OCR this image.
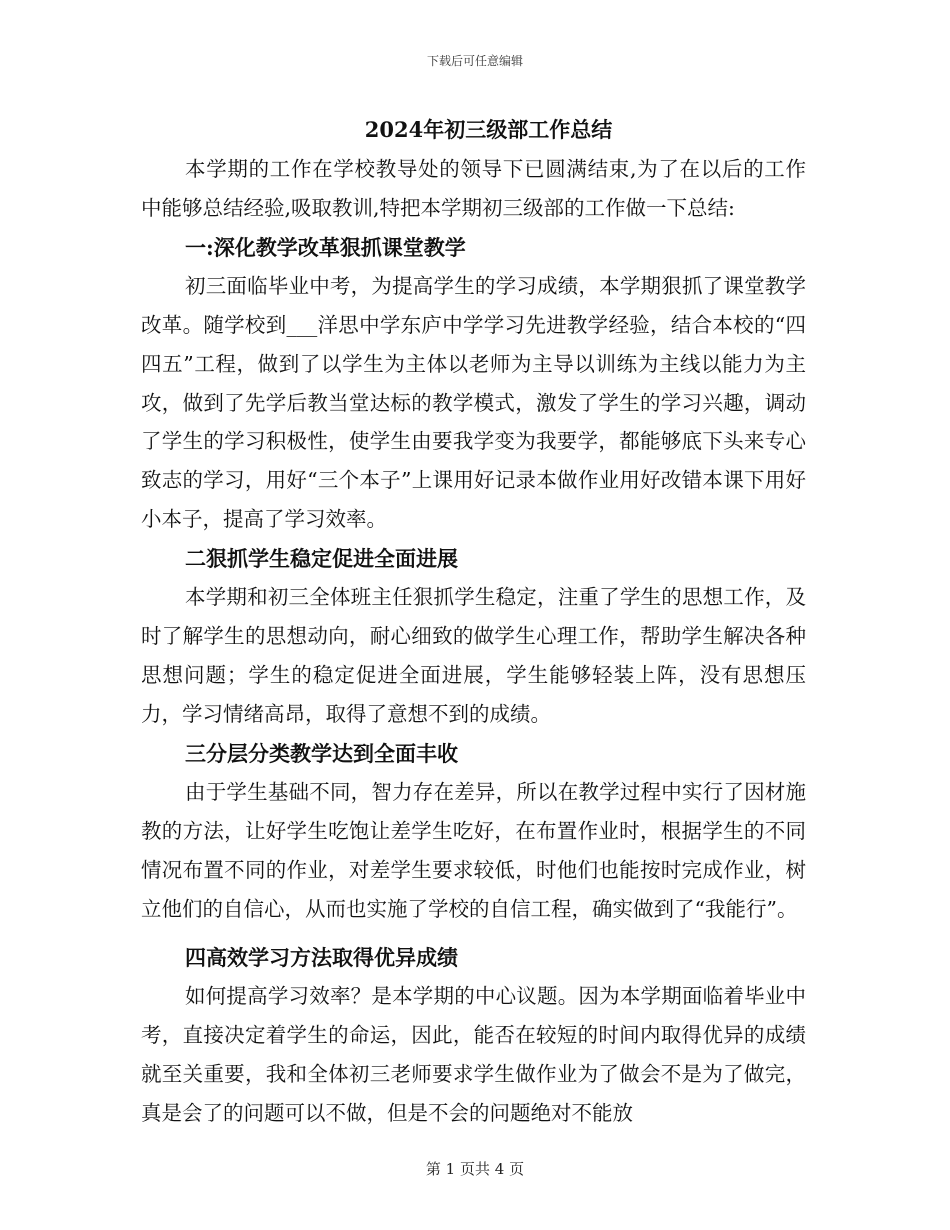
下载后可任意编辑
2024年初三级部工作总结

本学期的工作在学校教导处的领导下已圆满结束,为了在以后的工作中能够总结经验,吸取教训,特把本学期初三级部的工作做一下总结:

一:深化教学改革狠抓课堂教学

初三面临毕业中考，为提高学生的学习成绩，本学期狠抓了课堂教学改革。随学校到___洋思中学东庐中学学习先进教学经验，结合本校的“四四五”工程，做到了以学生为主体以老师为主导以训练为主线以能力为主攻，做到了先学后教当堂达标的教学模式，激发了学生的学习兴趣，调动了学生的学习积极性，使学生由要我学变为我要学，都能够底下头来专心致志的学习，用好“三个本子”上课用好记录本做作业用好改错本课下用好小本子，提高了学习效率。

二狠抓学生稳定促进全面进展

本学期和初三全体班主任狠抓学生稳定，注重了学生的思想工作，及时了解学生的思想动向，耐心细致的做学生心理工作，帮助学生解决各种思想问题；学生的稳定促进全面进展，学生能够轻装上阵，没有思想压力，学习情绪高昂，取得了意想不到的成绩。

三分层分类教学达到全面丰收

由于学生基础不同，智力存在差异，所以在教学过程中实行了因材施教的方法，让好学生吃饱让差学生吃好，在布置作业时，根据学生的不同情况布置不同的作业，对差学生要求较低，时他们也能按时完成作业，树立他们的自信心，从而也实施了学校的自信工程，确实做到了“我能行”。

四高效学习方法取得优异成绩

如何提高学习效率？是本学期的中心议题。因为本学期面临着毕业中考，直接决定着学生的命运，因此，能否在较短的时间内取得优异的成绩就至关重要，我和全体初三老师要求学生做作业为了做会不是为了做完，真是会了的问题可以不做，但是不会的问题绝对不能放

第 1 页共 4 页
